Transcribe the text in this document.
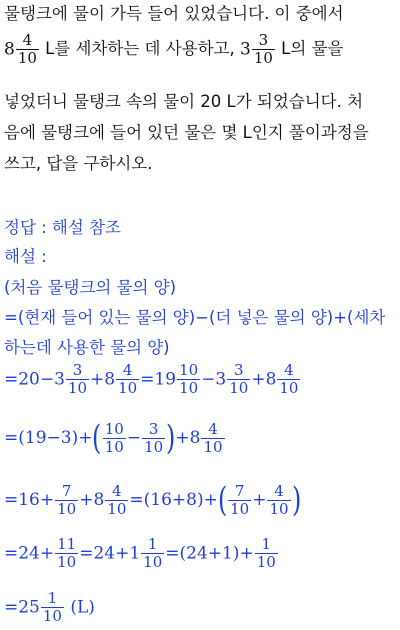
물탱크에 물이 가득 들어 있었습니다. 이 중에서
$8 \frac{4}{10}$ L를 세차하는 데 사용하고, $3 \frac{3}{10}$ L의 물을
넣었더니 물탱크 속의 물이 20 L가 되었습니다. 처
음에 물탱크에 들어 있던 물은 몇 L인지 풀이과정을
쓰고, 답을 구하시오.
정답 : 해설 참조
해설 :
(처음 물탱크의 물의 양)
=(현재 들어 있는 물의 양)−(더 넣은 물의 양)+(세차
하는데 사용한 물의 양)
$=20-3 \frac{3}{10} +8 \frac{4}{10} =19 \frac{10}{10} -3 \frac{3}{10} +8 \frac{4}{10}$
$=(19-3)+( \frac{10}{10} - \frac{3}{10} )+8 \frac{4}{10}$
$=16+ \frac{7}{10} +8 \frac{4}{10} =(16+8)+( \frac{7}{10} + \frac{4}{10}$ )
$=24+ \frac{11}{10} =24+1 \frac{1}{10} =(24+1)+ \frac{1}{10}$
$=25 \frac{1}{10} (L)$
